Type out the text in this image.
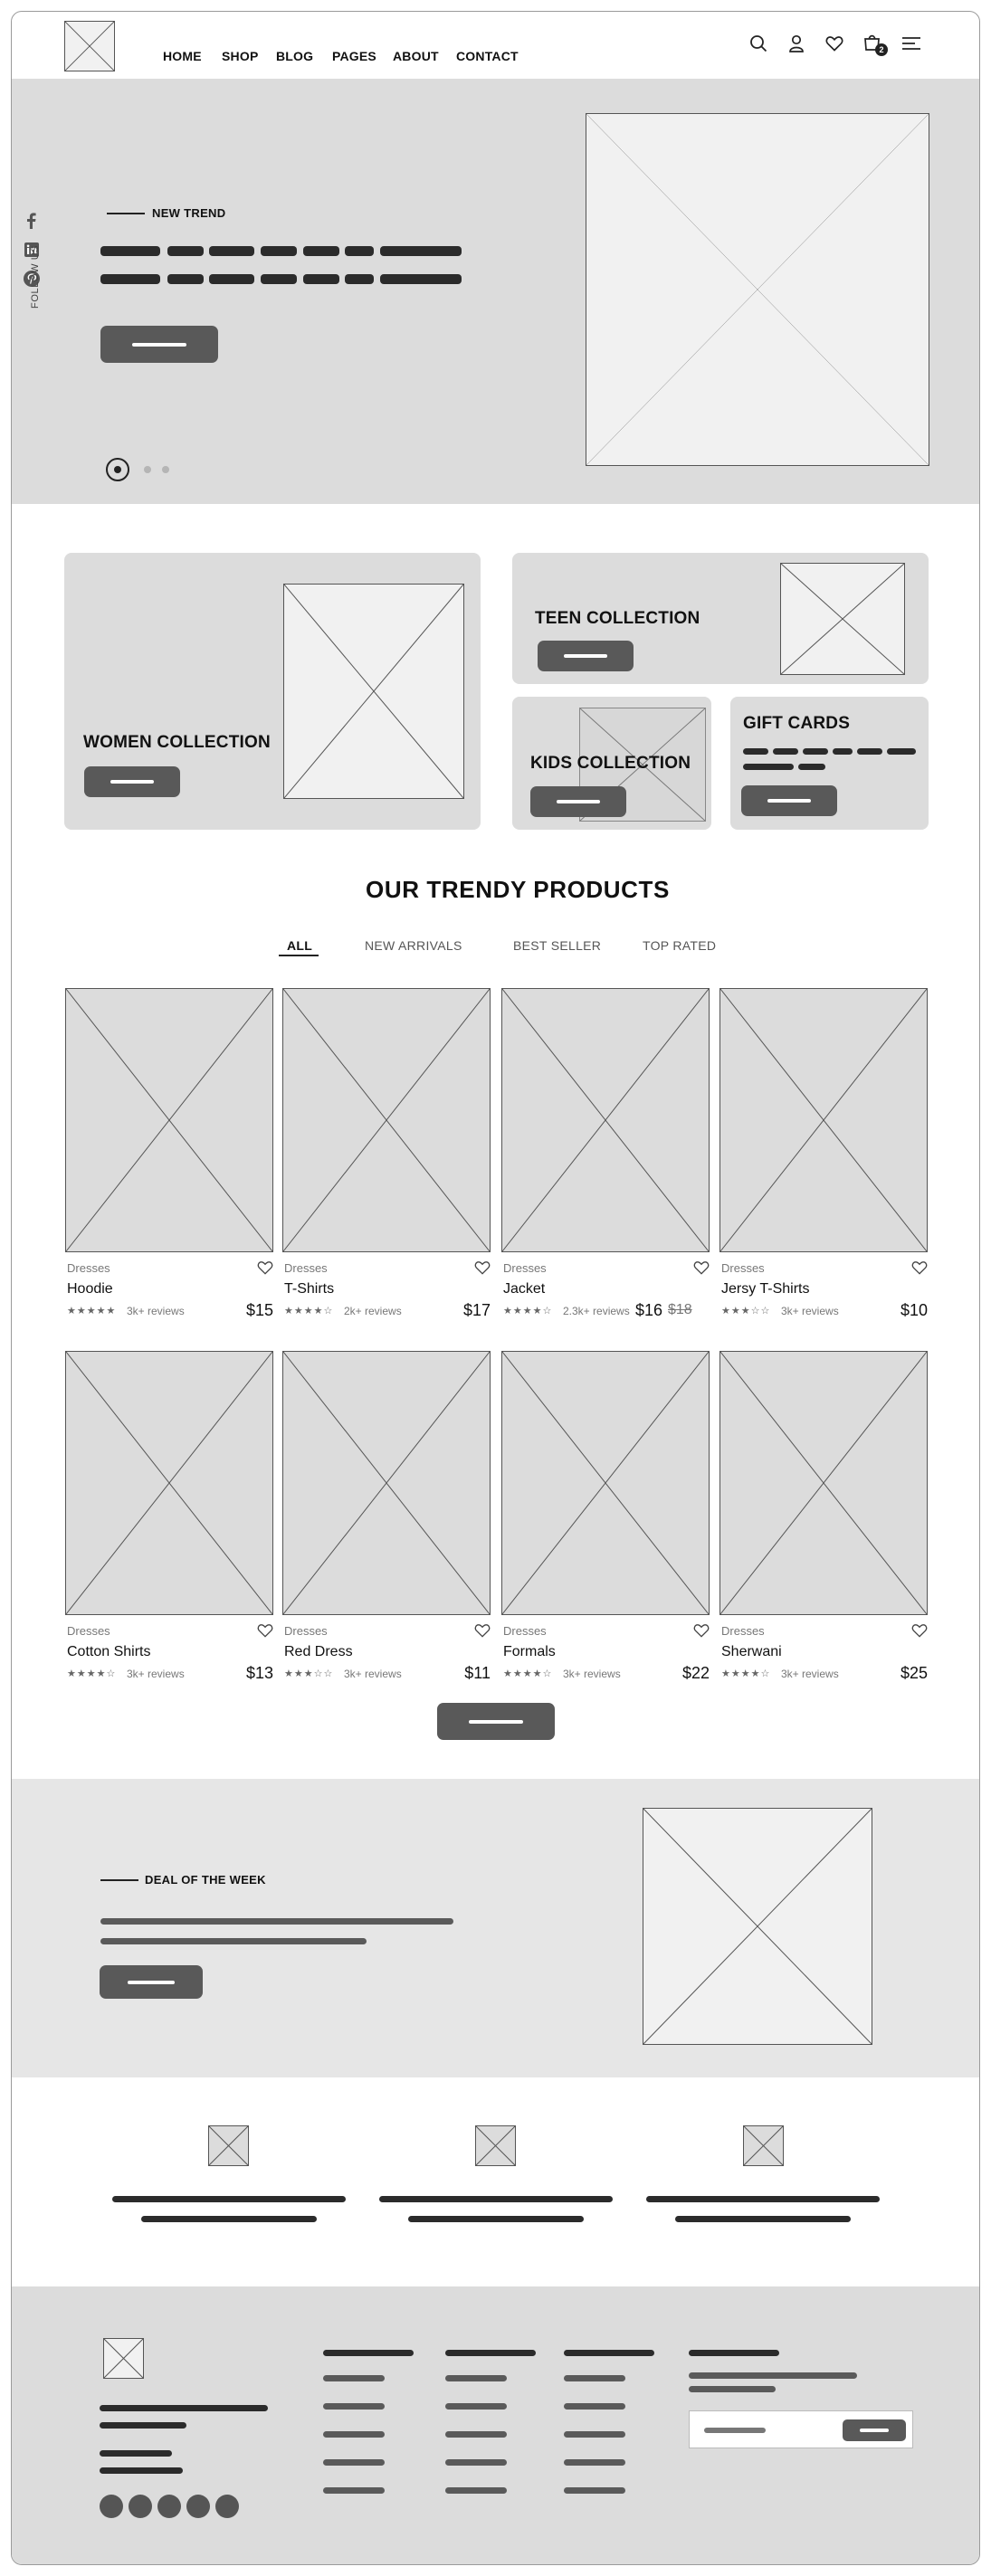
HOME SHOP BLOG PAGES ABOUT CONTACT	2
FOLLOW US
NEW TREND
WOMEN COLLECTION
TEEN COLLECTION
KIDS COLLECTION
GIFT CARDS
OUR TRENDY PRODUCTS
ALL	NEW ARRIVALS	BEST SELLER	TOP RATED
Dresses
Hoodie
★★★★★ 3k+ reviews	$15
Dresses
T-Shirts
★★★★☆ 2k+ reviews	$17
Dresses
Jacket
★★★★☆ 2.3k+ reviews $16 $18
Dresses
Jersy T-Shirts
★★★☆☆ 3k+ reviews	$10
Dresses
Cotton Shirts
★★★★☆ 3k+ reviews	$13
Dresses
Red Dress
★★★☆☆ 3k+ reviews	$11
Dresses
Formals
★★★★☆ 3k+ reviews	$22
Dresses
Sherwani
★★★★☆ 3k+ reviews	$25
DEAL OF THE WEEK
